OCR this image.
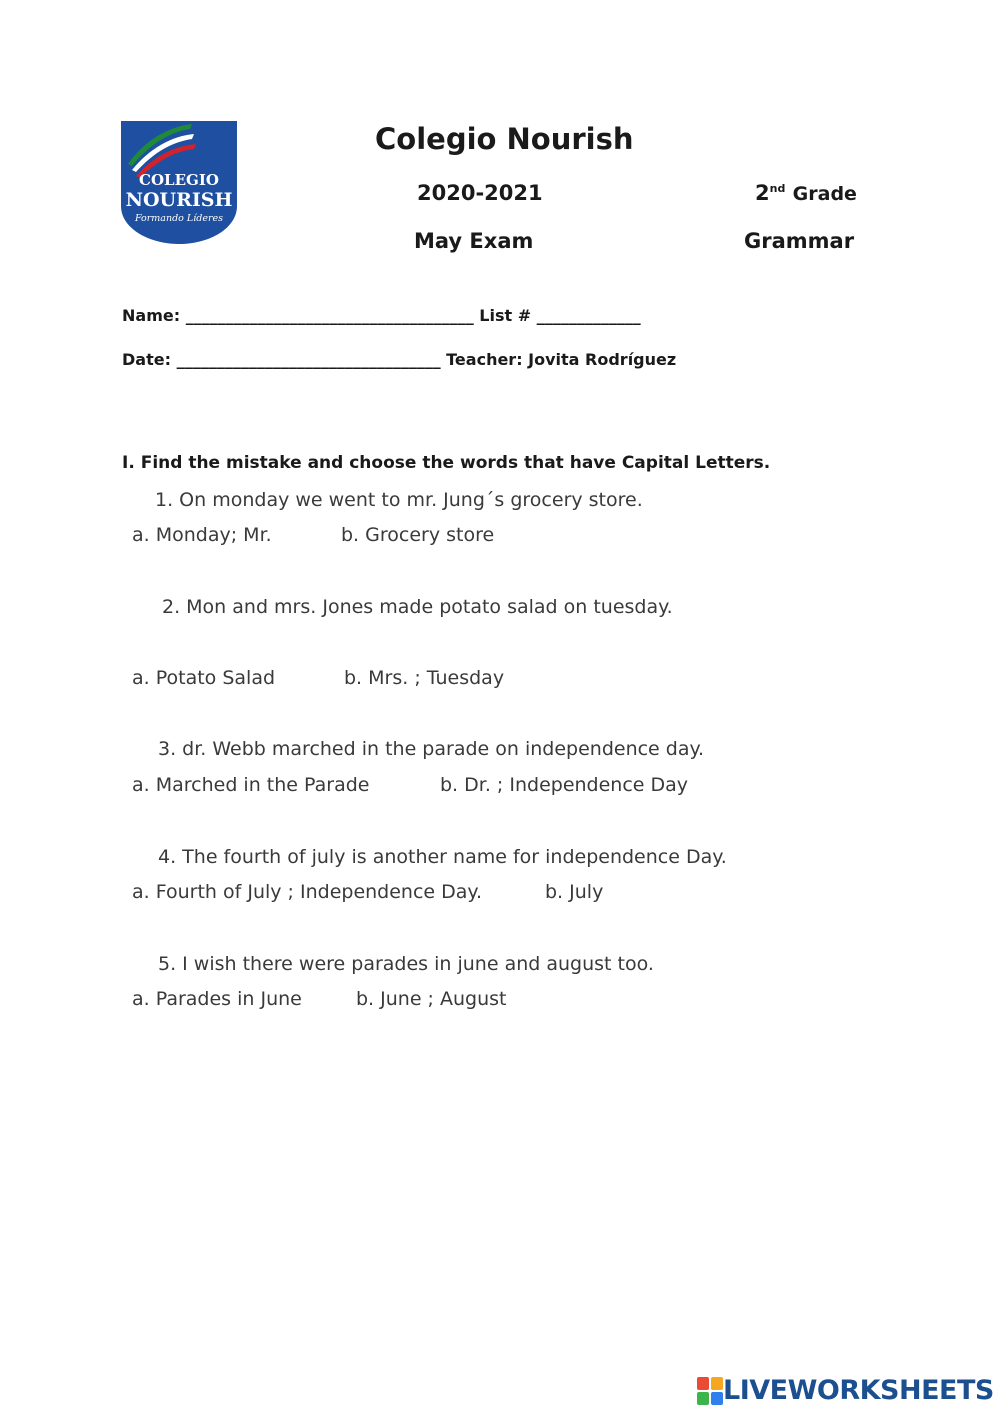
COLEGIO
NOURISH
Formando Líderes
Colegio Nourish
2020-2021	2nd Grade
May Exam	Grammar
Name: ____________________________________ List # _____________
Date: _________________________________ Teacher: Jovita Rodríguez
I. Find the mistake and choose the words that have Capital Letters.
1. On monday we went to mr. Jung´s grocery store.
a. Monday; Mr.	b. Grocery store
2. Mon and mrs. Jones made potato salad on tuesday.
a. Potato Salad	b. Mrs. ; Tuesday
3. dr. Webb marched in the parade on independence day.
a. Marched in the Parade	b. Dr. ; Independence Day
4. The fourth of july is another name for independence Day.
a. Fourth of July ; Independence Day.	b. July
5. I wish there were parades in june and august too.
a. Parades in June	b. June ; August
LIVEWORKSHEETS
